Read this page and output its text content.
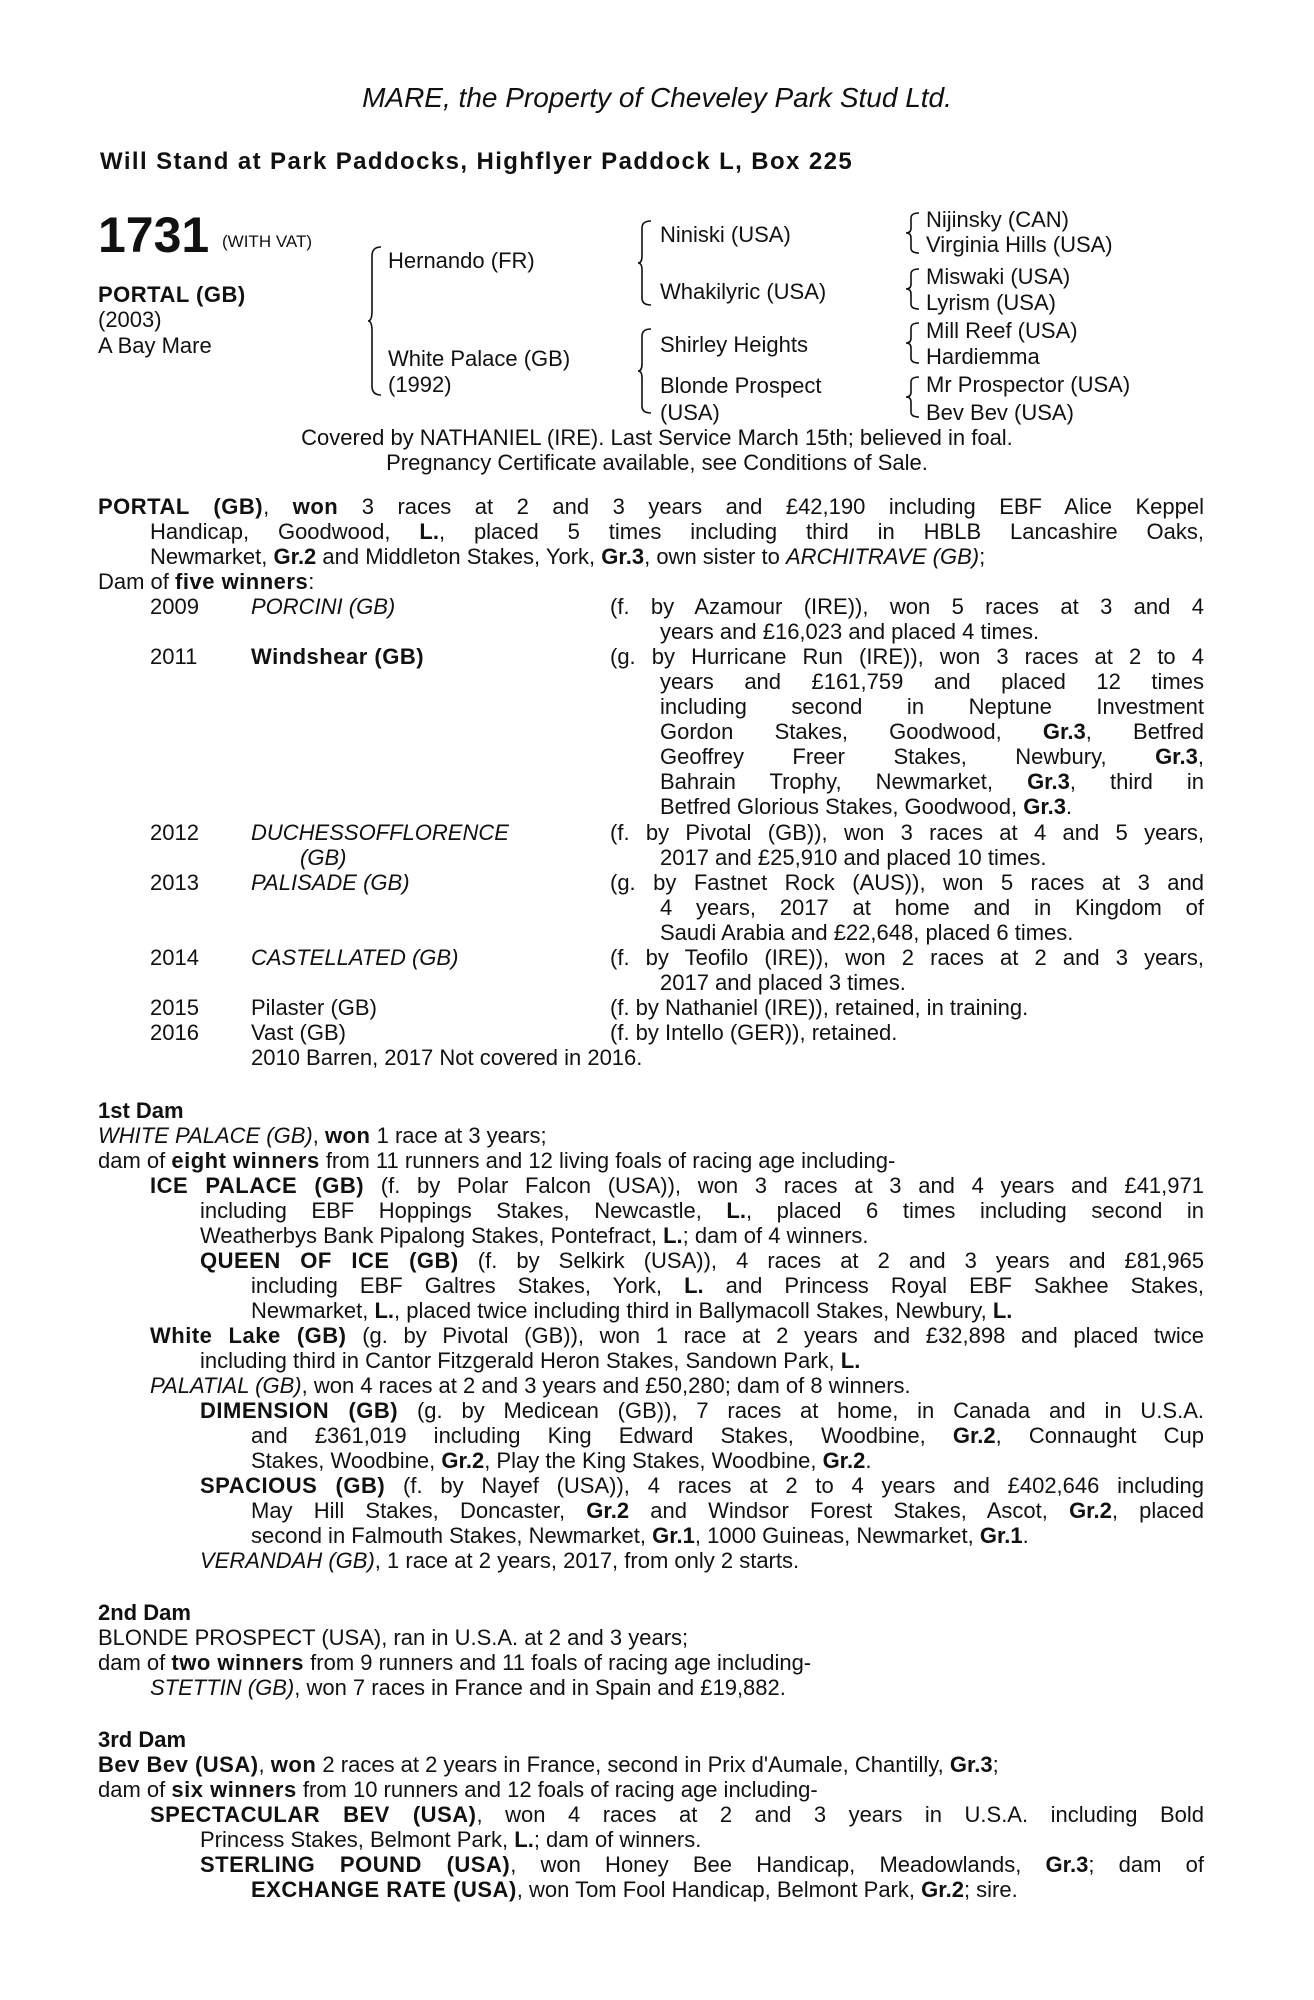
MARE, the Property of Cheveley Park Stud Ltd.
Will Stand at Park Paddocks, Highflyer Paddock L, Box 225
1731 (WITH VAT)
PORTAL (GB)
(2003)
A Bay Mare
Hernando (FR)
White Palace (GB)
(1992)
Niniski (USA)
Whakilyric (USA)
Shirley Heights
Blonde Prospect
(USA)
Nijinsky (CAN)
Virginia Hills (USA)
Miswaki (USA)
Lyrism (USA)
Mill Reef (USA)
Hardiemma
Mr Prospector (USA)
Bev Bev (USA)
Covered by NATHANIEL (IRE). Last Service March 15th; believed in foal.
Pregnancy Certificate available, see Conditions of Sale.
PORTAL (GB), won 3 races at 2 and 3 years and £42,190 including EBF Alice Keppel
Handicap, Goodwood, L., placed 5 times including third in HBLB Lancashire Oaks,
Newmarket, Gr.2 and Middleton Stakes, York, Gr.3, own sister to ARCHITRAVE (GB);
Dam of five winners:
2009 PORCINI (GB)	(f. by Azamour (IRE)), won 5 races at 3 and 4
years and £16,023 and placed 4 times.
2011 Windshear (GB)	(g. by Hurricane Run (IRE)), won 3 races at 2 to 4
years and £161,759 and placed 12 times
including second in Neptune Investment
Gordon Stakes, Goodwood, Gr.3, Betfred
Geoffrey Freer Stakes, Newbury, Gr.3,
Bahrain Trophy, Newmarket, Gr.3, third in
Betfred Glorious Stakes, Goodwood, Gr.3.
2012 DUCHESSOFFLORENCE
(GB)
(f. by Pivotal (GB)), won 3 races at 4 and 5 years,
2017 and £25,910 and placed 10 times.
2013 PALISADE (GB)	(g. by Fastnet Rock (AUS)), won 5 races at 3 and
4 years, 2017 at home and in Kingdom of
Saudi Arabia and £22,648, placed 6 times.
2014 CASTELLATED (GB)	(f. by Teofilo (IRE)), won 2 races at 2 and 3 years,
2017 and placed 3 times.
2015 Pilaster (GB)	(f. by Nathaniel (IRE)), retained, in training.
2016 Vast (GB)	(f. by Intello (GER)), retained.
2010 Barren, 2017 Not covered in 2016.
1st Dam
WHITE PALACE (GB), won 1 race at 3 years;
dam of eight winners from 11 runners and 12 living foals of racing age including-
ICE PALACE (GB) (f. by Polar Falcon (USA)), won 3 races at 3 and 4 years and £41,971
including EBF Hoppings Stakes, Newcastle, L., placed 6 times including second in
Weatherbys Bank Pipalong Stakes, Pontefract, L.; dam of 4 winners.
QUEEN OF ICE (GB) (f. by Selkirk (USA)), 4 races at 2 and 3 years and £81,965
including EBF Galtres Stakes, York, L. and Princess Royal EBF Sakhee Stakes,
Newmarket, L., placed twice including third in Ballymacoll Stakes, Newbury, L.
White Lake (GB) (g. by Pivotal (GB)), won 1 race at 2 years and £32,898 and placed twice
including third in Cantor Fitzgerald Heron Stakes, Sandown Park, L.
PALATIAL (GB), won 4 races at 2 and 3 years and £50,280; dam of 8 winners.
DIMENSION (GB) (g. by Medicean (GB)), 7 races at home, in Canada and in U.S.A.
and £361,019 including King Edward Stakes, Woodbine, Gr.2, Connaught Cup
Stakes, Woodbine, Gr.2, Play the King Stakes, Woodbine, Gr.2.
SPACIOUS (GB) (f. by Nayef (USA)), 4 races at 2 to 4 years and £402,646 including
May Hill Stakes, Doncaster, Gr.2 and Windsor Forest Stakes, Ascot, Gr.2, placed
second in Falmouth Stakes, Newmarket, Gr.1, 1000 Guineas, Newmarket, Gr.1.
VERANDAH (GB), 1 race at 2 years, 2017, from only 2 starts.
2nd Dam
BLONDE PROSPECT (USA), ran in U.S.A. at 2 and 3 years;
dam of two winners from 9 runners and 11 foals of racing age including-
STETTIN (GB), won 7 races in France and in Spain and £19,882.
3rd Dam
Bev Bev (USA), won 2 races at 2 years in France, second in Prix d'Aumale, Chantilly, Gr.3;
dam of six winners from 10 runners and 12 foals of racing age including-
SPECTACULAR BEV (USA), won 4 races at 2 and 3 years in U.S.A. including Bold
Princess Stakes, Belmont Park, L.; dam of winners.
STERLING POUND (USA), won Honey Bee Handicap, Meadowlands, Gr.3; dam of
EXCHANGE RATE (USA), won Tom Fool Handicap, Belmont Park, Gr.2; sire.
